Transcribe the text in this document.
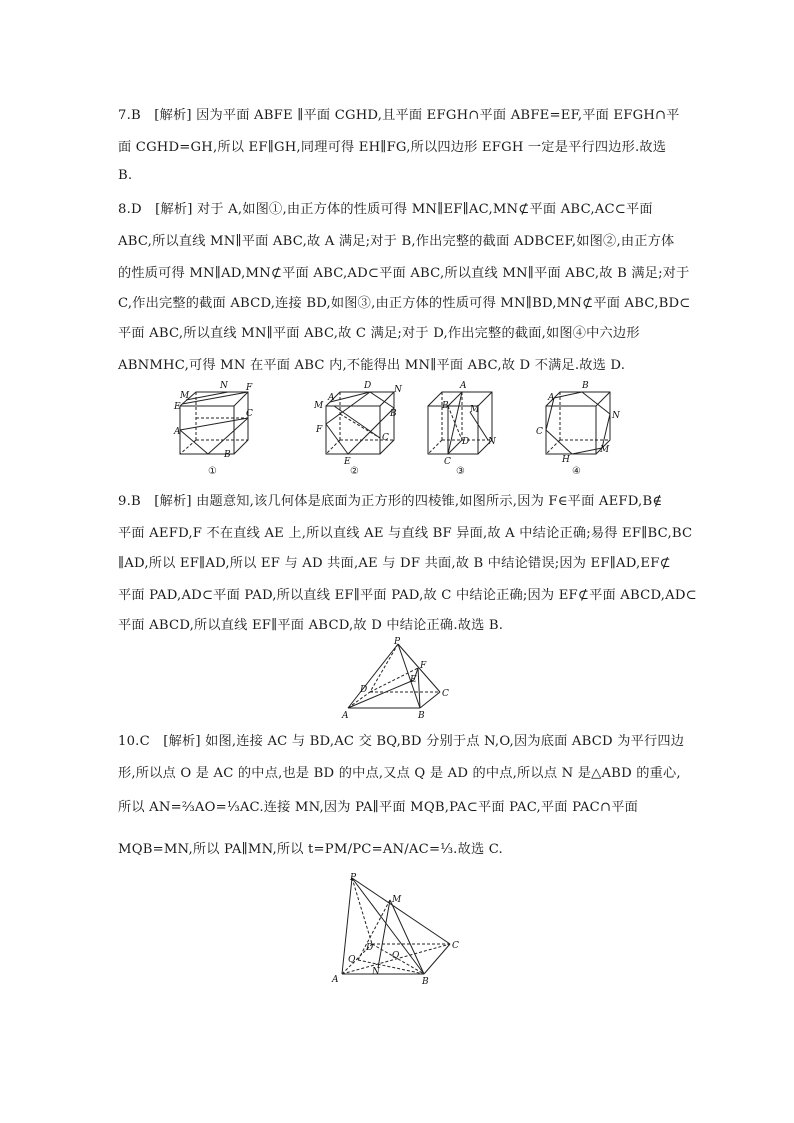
7.B　[解析] 因为平面 ABFE ∥平面 CGHD,且平面 EFGH∩平面 ABFE=EF,平面 EFGH∩平
面 CGHD=GH,所以 EF∥GH,同理可得 EH∥FG,所以四边形 EFGH 一定是平行四边形.故选
B.
8.D　[解析] 对于 A,如图①,由正方体的性质可得 MN∥EF∥AC,MN⊄平面 ABC,AC⊂平面
ABC,所以直线 MN∥平面 ABC,故 A 满足;对于 B,作出完整的截面 ADBCEF,如图②,由正方体
的性质可得 MN∥AD,MN⊄平面 ABC,AD⊂平面 ABC,所以直线 MN∥平面 ABC,故 B 满足;对于
C,作出完整的截面 ABCD,连接 BD,如图③,由正方体的性质可得 MN∥BD,MN⊄平面 ABC,BD⊂
平面 ABC,所以直线 MN∥平面 ABC,故 C 满足;对于 D,作出完整的截面,如图④中六边形
ABNMHC,可得 MN 在平面 ABC 内,不能得出 MN∥平面 ABC,故 D 不满足.故选 D.
M
N F
E
C
A
B
①
D	N
M
A
B
F
C
E
②
A
B M
D N
C
③
B
A
N
C
M
H
④
9.B　[解析] 由题意知,该几何体是底面为正方形的四棱锥,如图所示,因为 F∈平面 AEFD,B∉
平面 AEFD,F 不在直线 AE 上,所以直线 AE 与直线 BF 异面,故 A 中结论正确;易得 EF∥BC,BC
∥AD,所以 EF∥AD,所以 EF 与 AD 共面,AE 与 DF 共面,故 B 中结论错误;因为 EF∥AD,EF⊄
平面 PAD,AD⊂平面 PAD,所以直线 EF∥平面 PAD,故 C 中结论正确;因为 EF⊄平面 ABCD,AD⊂
平面 ABCD,所以直线 EF∥平面 ABCD,故 D 中结论正确.故选 B.
P
F
E
D	C
A	B
10.C　[解析] 如图,连接 AC 与 BD,AC 交 BQ,BD 分别于点 N,O,因为底面 ABCD 为平行四边
形,所以点 O 是 AC 的中点,也是 BD 的中点,又点 Q 是 AD 的中点,所以点 N 是△ABD 的重心,
所以 AN=⅔AO=⅓AC.连接 MN,因为 PA∥平面 MQB,PA⊂平面 PAC,平面 PAC∩平面
MQB=MN,所以 PA∥MN,所以 t=PM/PC=AN/AC=⅓.故选 C.
P
M
C
D
O
Q
N
A	B
